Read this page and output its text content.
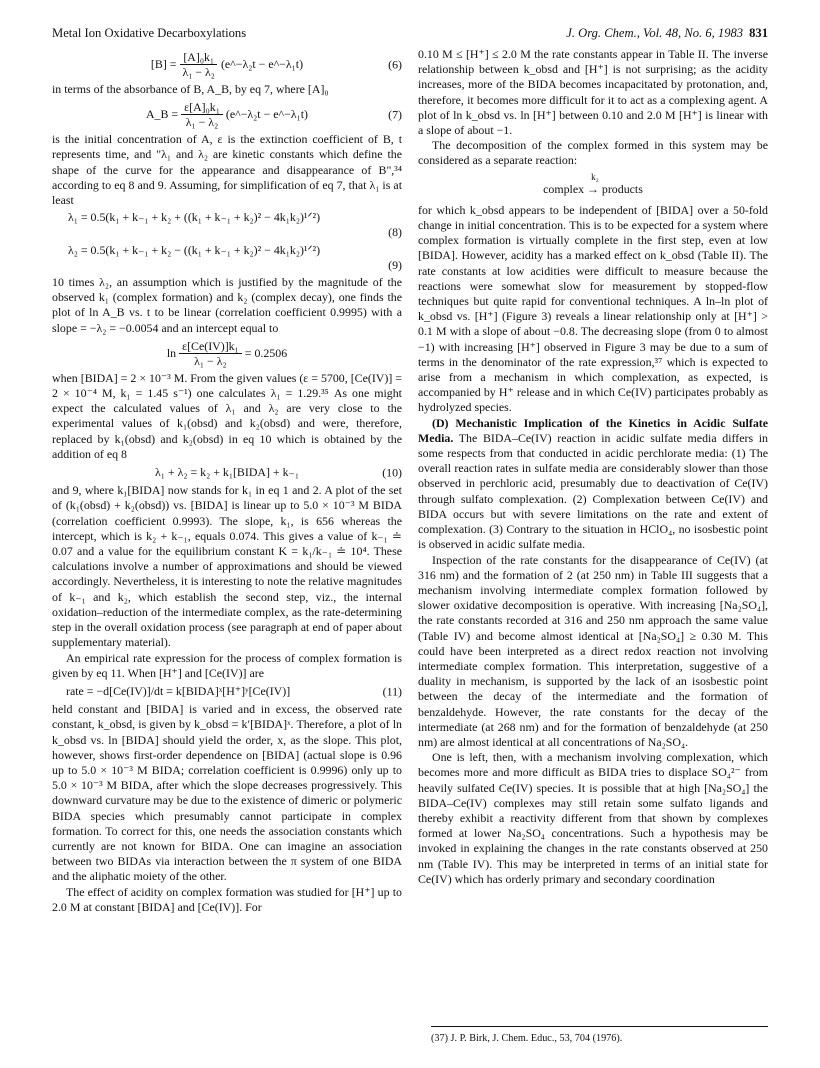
Metal Ion Oxidative Decarboxylations	J. Org. Chem., Vol. 48, No. 6, 1983 831
$[B] = \frac{\text{[A]₀k₁}}{\text{λ₁ − λ₂}}$ (e^−λ₂t − e^−λ₁t)	(6)

in terms of the absorbance of B, A_B, by eq 7, where [A]₀

A_B = $\frac{\text{ε[A]₀k₁}}{\text{λ₁ − λ₂}}$ (e^−λ₂t − e^−λ₁t)	(7)

is the initial concentration of A, ε is the extinction coefficient of B, t represents time, and "λ₁ and λ₂ are kinetic constants which define the shape of the curve for the appearance and disappearance of B",³⁴ according to eq 8 and 9. Assuming, for simplification of eq 7, that λ₁ is at least

λ₁ = 0.5(k₁ + k₋₁ + k₂ + ((k₁ + k₋₁ + k₂)² − 4k₁k₂)¹ᐟ²)
(8)
λ₂ = 0.5(k₁ + k₋₁ + k₂ − ((k₁ + k₋₁ + k₂)² − 4k₁k₂)¹ᐟ²)
(9)

10 times λ₂, an assumption which is justified by the magnitude of the observed k₁ (complex formation) and k₂ (complex decay), one finds the plot of ln A_B vs. t to be linear (correlation coefficient 0.9995) with a slope = −λ₂ = −0.0054 and an intercept equal to

$\ln \frac{\text{ε[Ce(IV)]k₁}}{\text{λ₁ − λ₂}} = 0.2506$

when [BIDA] = 2 × 10⁻³ M. From the given values (ε = 5700, [Ce(IV)] = 2 × 10⁻⁴ M, k₁ = 1.45 s⁻¹) one calculates λ₁ = 1.29.³⁵ As one might expect the calculated values of λ₁ and λ₂ are very close to the experimental values of k₁(obsd) and k₂(obsd) and were, therefore, replaced by k₁(obsd) and k₂(obsd) in eq 10 which is obtained by the addition of eq 8

λ₁ + λ₂ = k₂ + k₁[BIDA] + k₋₁	(10)

and 9, where k₁[BIDA] now stands for k₁ in eq 1 and 2. A plot of the set of (k₁(obsd) + k₂(obsd)) vs. [BIDA] is linear up to 5.0 × 10⁻³ M BIDA (correlation coefficient 0.9993). The slope, k₁, is 656 whereas the intercept, which is k₂ + k₋₁, equals 0.074. This gives a value of k₋₁ ≐ 0.07 and a value for the equilibrium constant K = k₁/k₋₁ ≐ 10⁴. These calculations involve a number of approximations and should be viewed accordingly. Nevertheless, it is interesting to note the relative magnitudes of k₋₁ and k₂, which establish the second step, viz., the internal oxidation–reduction of the intermediate complex, as the rate-determining step in the overall oxidation process (see paragraph at end of paper about supplementary material).

An empirical rate expression for the process of complex formation is given by eq 11. When [H⁺] and [Ce(IV)] are

rate = −d[Ce(IV)]/dt = k[BIDA]ˣ[H⁺]ʸ[Ce(IV)]	(11)

held constant and [BIDA] is varied and in excess, the observed rate constant, k_obsd, is given by k_obsd = k′[BIDA]ˣ. Therefore, a plot of ln k_obsd vs. ln [BIDA] should yield the order, x, as the slope. This plot, however, shows first-order dependence on [BIDA] (actual slope is 0.96 up to 5.0 × 10⁻³ M BIDA; correlation coefficient is 0.9996) only up to 5.0 × 10⁻³ M BIDA, after which the slope decreases progressively. This downward curvature may be due to the existence of dimeric or polymeric BIDA species which presumably cannot participate in complex formation. To correct for this, one needs the association constants which currently are not known for BIDA. One can imagine an association between two BIDAs via interaction between the π system of one BIDA and the aliphatic moiety of the other.

The effect of acidity on complex formation was studied for [H⁺] up to 2.0 M at constant [BIDA] and [Ce(IV)]. For

0.10 M ≤ [H⁺] ≤ 2.0 M the rate constants appear in Table II. The inverse relationship between k_obsd and [H⁺] is not surprising; as the acidity increases, more of the BIDA becomes incapacitated by protonation, and, therefore, it becomes more difficult for it to act as a complexing agent. A plot of ln k_obsd vs. ln [H⁺] between 0.10 and 2.0 M [H⁺] is linear with a slope of about −1.

The decomposition of the complex formed in this system may be considered as a separate reaction:

k₂
complex → products

for which k_obsd appears to be independent of [BIDA] over a 50-fold change in initial concentration. This is to be expected for a system where complex formation is virtually complete in the first step, even at low [BIDA]. However, acidity has a marked effect on k_obsd (Table II). The rate constants at low acidities were difficult to measure because the reactions were somewhat slow for measurement by stopped-flow techniques but quite rapid for conventional techniques. A ln–ln plot of k_obsd vs. [H⁺] (Figure 3) reveals a linear relationship only at [H⁺] > 0.1 M with a slope of about −0.8. The decreasing slope (from 0 to almost −1) with increasing [H⁺] observed in Figure 3 may be due to a sum of terms in the denominator of the rate expression,³⁷ which is expected to arise from a mechanism in which complexation, as expected, is accompanied by H⁺ release and in which Ce(IV) participates probably as hydrolyzed species.

(D) Mechanistic Implication of the Kinetics in Acidic Sulfate Media. The BIDA–Ce(IV) reaction in acidic sulfate media differs in some respects from that conducted in acidic perchlorate media: (1) The overall reaction rates in sulfate media are considerably slower than those observed in perchloric acid, presumably due to deactivation of Ce(IV) through sulfato complexation. (2) Complexation between Ce(IV) and BIDA occurs but with severe limitations on the rate and extent of complexation. (3) Contrary to the situation in HClO₄, no isosbestic point is observed in acidic sulfate media.

Inspection of the rate constants for the disappearance of Ce(IV) (at 316 nm) and the formation of 2 (at 250 nm) in Table III suggests that a mechanism involving intermediate complex formation followed by slower oxidative decomposition is operative. With increasing [Na₂SO₄], the rate constants recorded at 316 and 250 nm approach the same value (Table IV) and become almost identical at [Na₂SO₄] ≥ 0.30 M. This could have been interpreted as a direct redox reaction not involving intermediate complex formation. This interpretation, suggestive of a duality in mechanism, is supported by the lack of an isosbestic point between the decay of the intermediate and the formation of benzaldehyde. However, the rate constants for the decay of the intermediate (at 268 nm) and for the formation of benzaldehyde (at 250 nm) are almost identical at all concentrations of Na₂SO₄.

One is left, then, with a mechanism involving complexation, which becomes more and more difficult as BIDA tries to displace SO₄²⁻ from heavily sulfated Ce(IV) species. It is possible that at high [Na₂SO₄] the BIDA–Ce(IV) complexes may still retain some sulfato ligands and thereby exhibit a reactivity different from that shown by complexes formed at lower Na₂SO₄ concentrations. Such a hypothesis may be invoked in explaining the changes in the rate constants observed at 250 nm (Table IV). This may be interpreted in terms of an initial state for Ce(IV) which has orderly primary and secondary coordination

(37) J. P. Birk, J. Chem. Educ., 53, 704 (1976).
